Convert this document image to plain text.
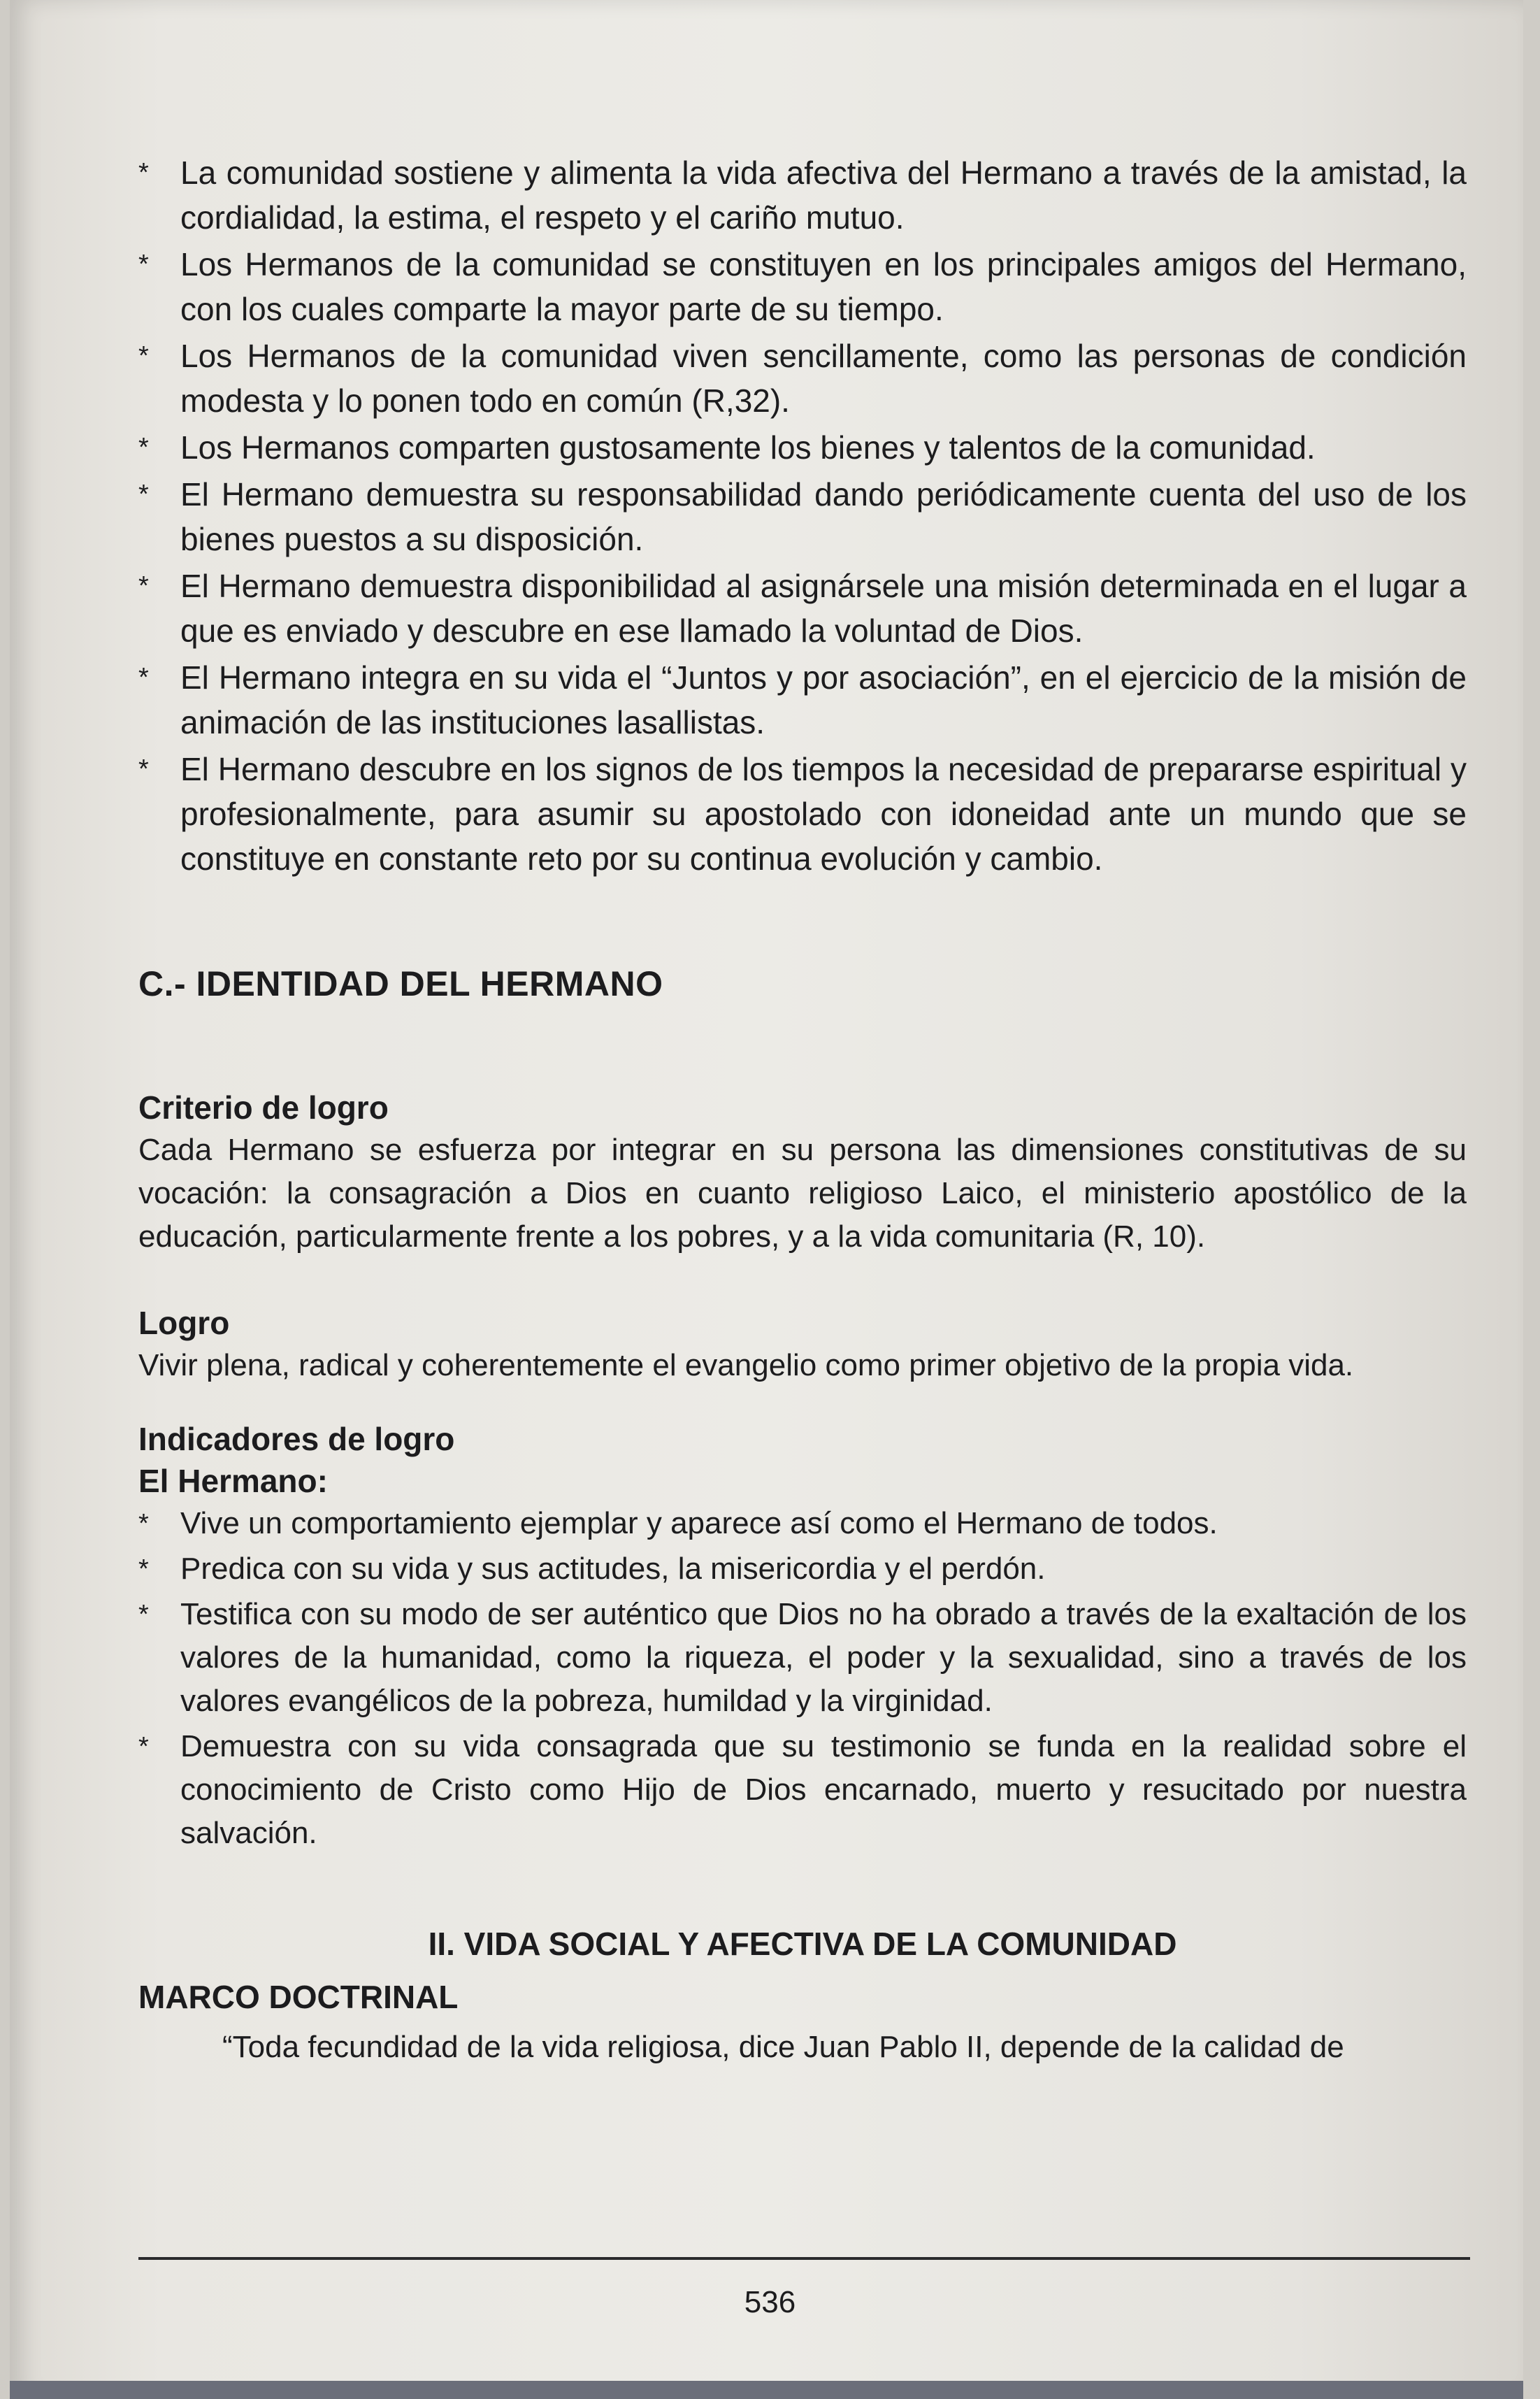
* La comunidad sostiene y alimenta la vida afectiva del Hermano a través de la amistad, la cordialidad, la estima, el respeto y el cariño mutuo.
* Los Hermanos de la comunidad se constituyen en los principales amigos del Hermano, con los cuales comparte la mayor parte de su tiempo.
* Los Hermanos de la comunidad viven sencillamente, como las personas de condición modesta y lo ponen todo en común (R,32).
* Los Hermanos comparten gustosamente los bienes y talentos de la comunidad.
* El Hermano demuestra su responsabilidad dando periódicamente cuenta del uso de los bienes puestos a su disposición.
* El Hermano demuestra disponibilidad al asignársele una misión determinada en el lugar a que es enviado y descubre en ese llamado la voluntad de Dios.
* El Hermano integra en su vida el “Juntos y por asociación”, en el ejercicio de la misión de animación de las instituciones lasallistas.
* El Hermano descubre en los signos de los tiempos la necesidad de prepararse espiritual y profesionalmente, para asumir su apostolado con idoneidad ante un mundo que se constituye en constante reto por su continua evolución y cambio.
C.- IDENTIDAD DEL HERMANO
Criterio de logro

Cada Hermano se esfuerza por integrar en su persona las dimensiones constitutivas de su vocación: la consagración a Dios en cuanto religioso Laico, el ministerio apostólico de la educación, particularmente frente a los pobres, y a la vida comunitaria (R, 10).

Logro

Vivir plena, radical y coherentemente el evangelio como primer objetivo de la propia vida.

Indicadores de logro
El Hermano:
* Vive un comportamiento ejemplar y aparece así como el Hermano de todos.
* Predica con su vida y sus actitudes, la misericordia y el perdón.
* Testifica con su modo de ser auténtico que Dios no ha obrado a través de la exaltación de los valores de la humanidad, como la riqueza, el poder y la sexualidad, sino a través de los valores evangélicos de la pobreza, humildad y la virginidad.
* Demuestra con su vida consagrada que su testimonio se funda en la realidad sobre el conocimiento de Cristo como Hijo de Dios encarnado, muerto y resucitado por nuestra salvación.
II. VIDA SOCIAL Y AFECTIVA DE LA COMUNIDAD
MARCO DOCTRINAL

“Toda fecundidad de la vida religiosa, dice Juan Pablo II, depende de la calidad de

536
